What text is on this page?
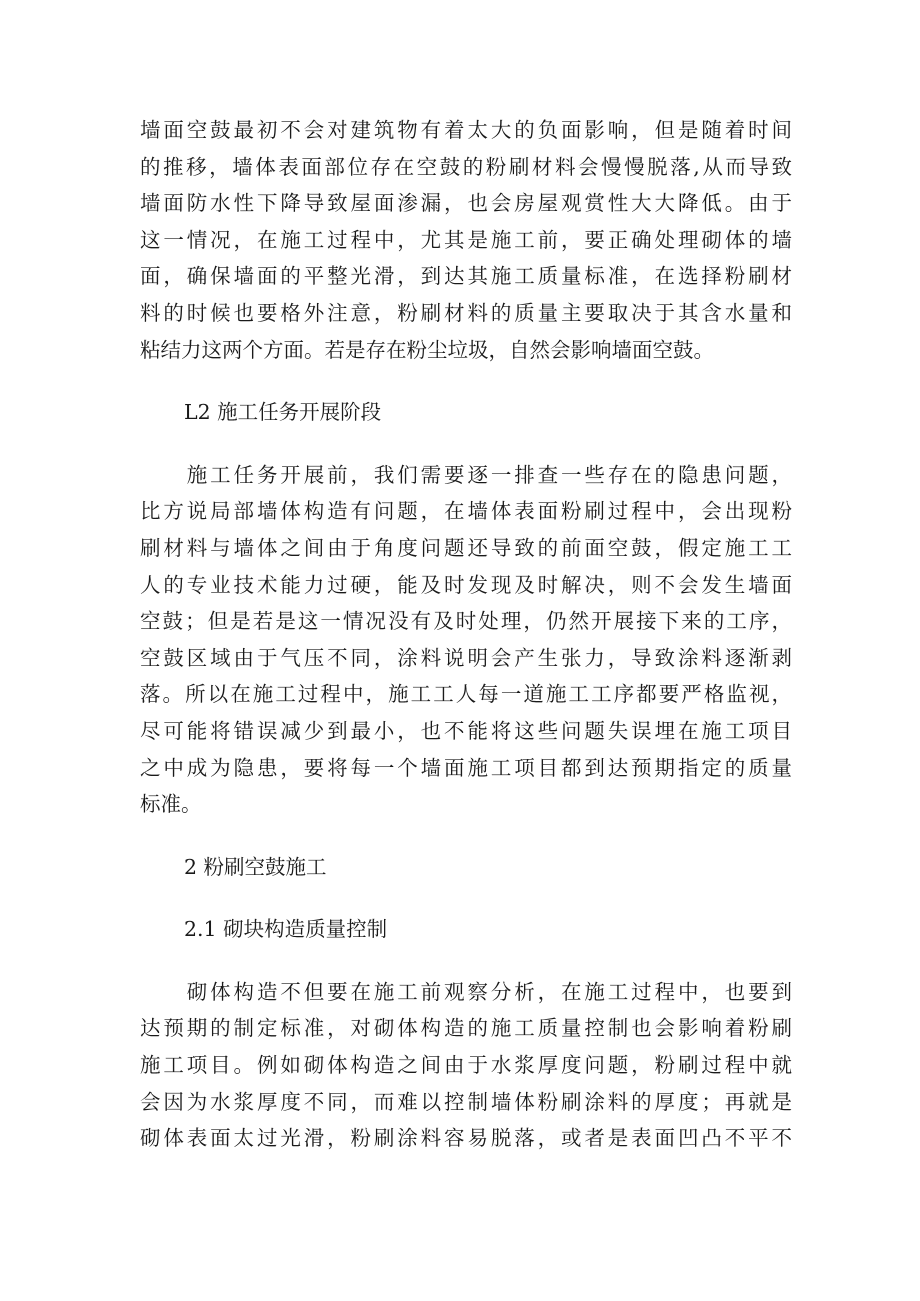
墙面空鼓最初不会对建筑物有着太大的负面影响，但是随着时间
的推移，墙体表面部位存在空鼓的粉刷材料会慢慢脱落,从而导致
墙面防水性下降导致屋面渗漏，也会房屋观赏性大大降低。由于
这一情况，在施工过程中，尤其是施工前，要正确处理砌体的墙
面，确保墙面的平整光滑，到达其施工质量标准，在选择粉刷材
料的时候也要格外注意，粉刷材料的质量主要取决于其含水量和
粘结力这两个方面。若是存在粉尘垃圾，自然会影响墙面空鼓。

L2 施工任务开展阶段

　　施工任务开展前，我们需要逐一排查一些存在的隐患问题，
比方说局部墙体构造有问题，在墙体表面粉刷过程中，会出现粉
刷材料与墙体之间由于角度问题还导致的前面空鼓，假定施工工
人的专业技术能力过硬，能及时发现及时解决，则不会发生墙面
空鼓；但是若是这一情况没有及时处理，仍然开展接下来的工序，
空鼓区域由于气压不同，涂料说明会产生张力，导致涂料逐渐剥
落。所以在施工过程中，施工工人每一道施工工序都要严格监视，
尽可能将错误减少到最小，也不能将这些问题失误埋在施工项目
之中成为隐患，要将每一个墙面施工项目都到达预期指定的质量
标准。

2 粉刷空鼓施工

2.1 砌块构造质量控制

　　砌体构造不但要在施工前观察分析，在施工过程中，也要到
达预期的制定标准，对砌体构造的施工质量控制也会影响着粉刷
施工项目。例如砌体构造之间由于水浆厚度问题，粉刷过程中就
会因为水浆厚度不同，而难以控制墙体粉刷涂料的厚度；再就是
砌体表面太过光滑，粉刷涂料容易脱落，或者是表面凹凸不平不
